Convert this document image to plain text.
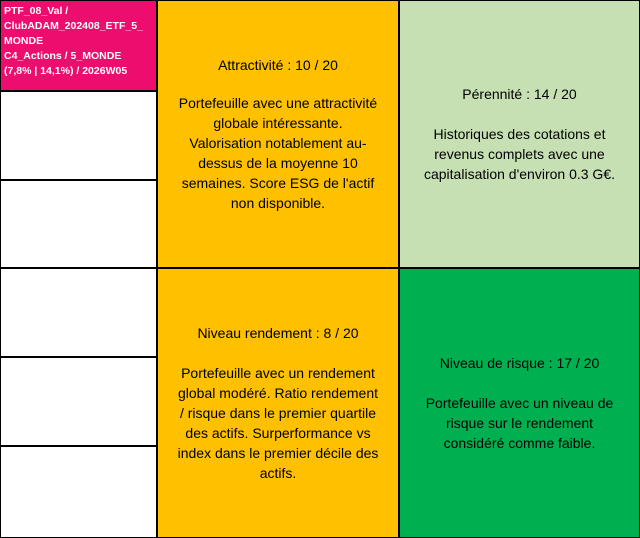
PTF_08_Val /
ClubADAM_202408_ETF_5_
MONDE
C4_Actions / 5_MONDE
(7,8% | 14,1%) / 2026W05	Attractivité : 10 / 20
Portefeuille avec une attractivité
globale intéressante.
Valorisation notablement au-
dessus de la moyenne 10
semaines. Score ESG de l'actif
non disponible.
Pérennité : 14 / 20
Historiques des cotations et
revenus complets avec une
capitalisation d'environ 0.3 G€.
Niveau rendement : 8 / 20
Portefeuille avec un rendement
global modéré. Ratio rendement
/ risque dans le premier quartile
des actifs. Surperformance vs
index dans le premier décile des
actifs.
Niveau de risque : 17 / 20
Portefeuille avec un niveau de
risque sur le rendement
considéré comme faible.
